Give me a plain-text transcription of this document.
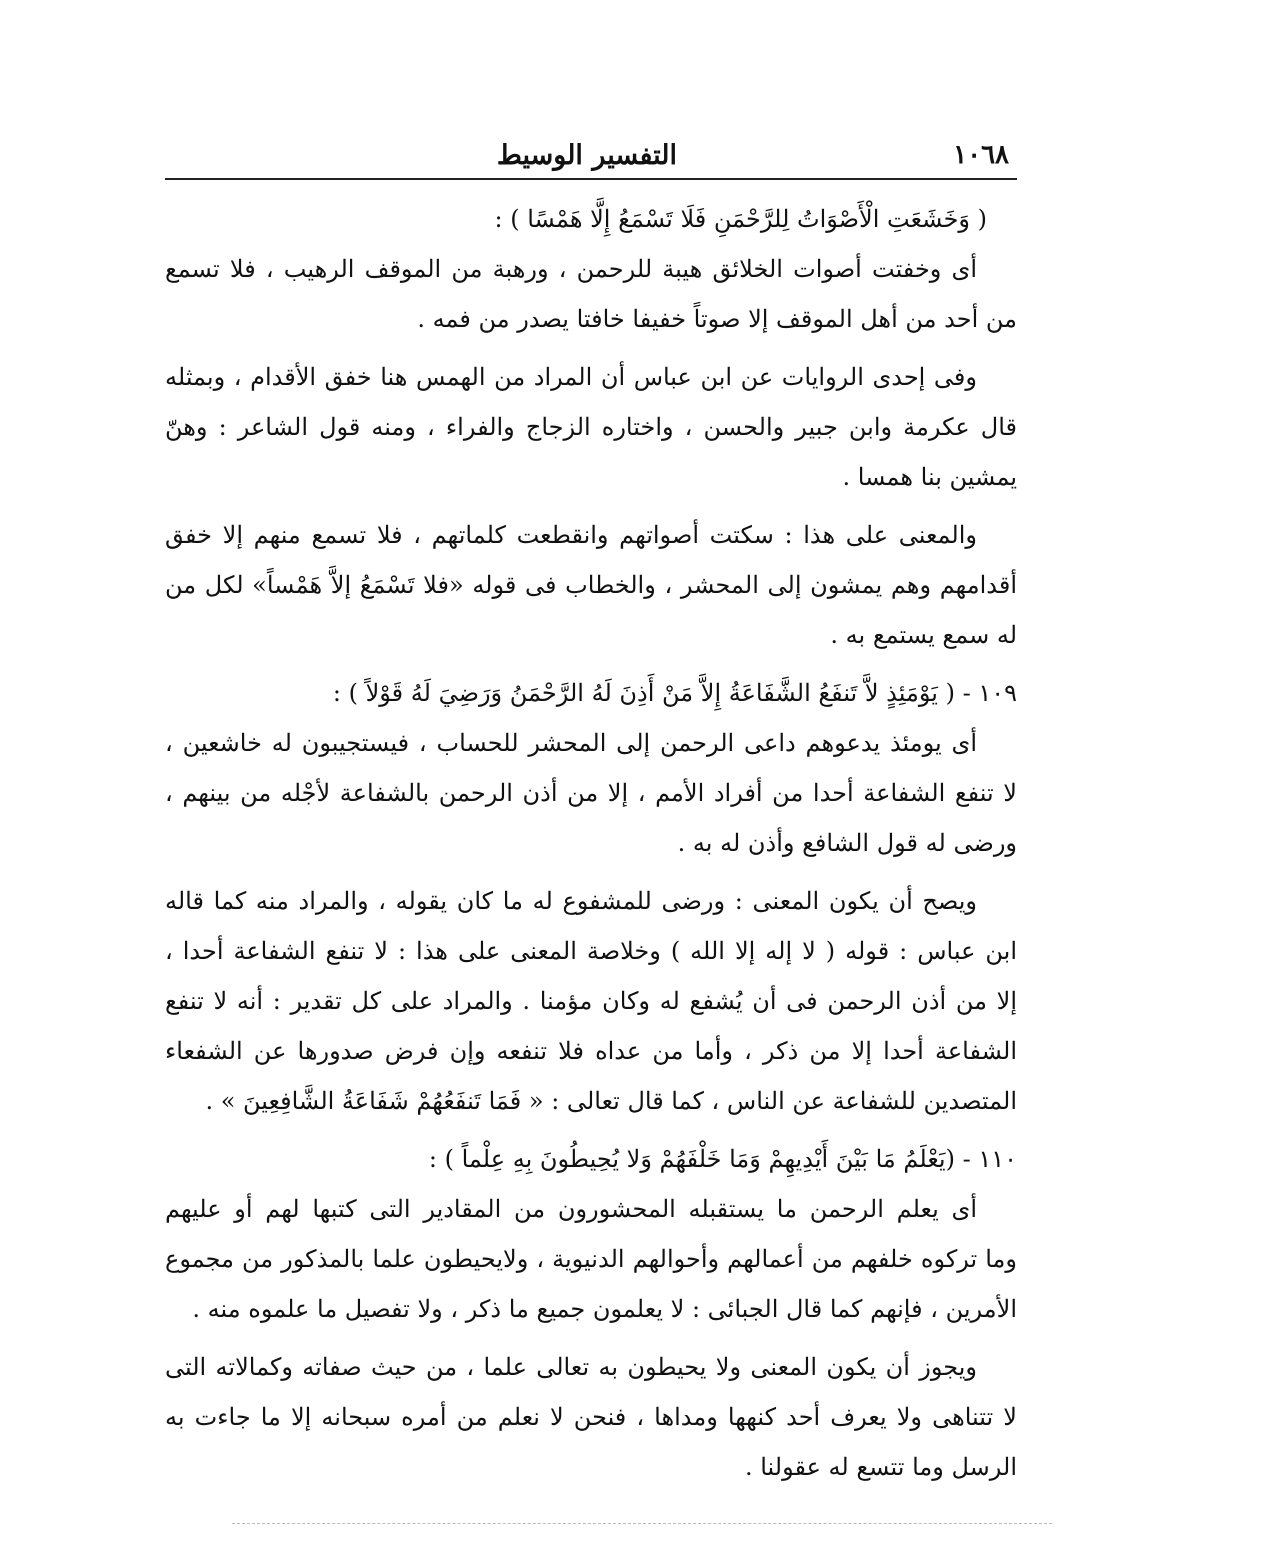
١٠٦٨
التفسير الوسيط
( وَخَشَعَتِ الْأَصْوَاتُ لِلرَّحْمَنِ فَلَا تَسْمَعُ إِلَّا هَمْسًا ) :
أى وخفتت أصوات الخلائق هيبة للرحمن ، ورهبة من الموقف الرهيب ، فلا تسمع
من أحد من أهل الموقف إلا صوتاً خفيفا خافتا يصدر من فمه .
وفى إحدى الروايات عن ابن عباس أن المراد من الهمس هنا خفق الأقدام ، وبمثله
قال عكرمة وابن جبير والحسن ، واختاره الزجاج والفراء ، ومنه قول الشاعر : وهنّ
يمشين بنا همسا .
والمعنى على هذا : سكتت أصواتهم وانقطعت كلماتهم ، فلا تسمع منهم إلا خفق
أقدامهم وهم يمشون إلى المحشر ، والخطاب فى قوله «فلا تَسْمَعُ إلاَّ هَمْساً» لكل من
له سمع يستمع به .
١٠٩ - ( يَوْمَئِذٍ لاَّ تَنفَعُ الشَّفَاعَةُ إِلاَّ مَنْ أَذِنَ لَهُ الرَّحْمَنُ وَرَضِيَ لَهُ قَوْلاً ) :
أى يومئذ يدعوهم داعى الرحمن إلى المحشر للحساب ، فيستجيبون له خاشعين ،
لا تنفع الشفاعة أحدا من أفراد الأمم ، إلا من أذن الرحمن بالشفاعة لأجْله من بينهم ،
ورضى له قول الشافع وأذن له به .
ويصح أن يكون المعنى : ورضى للمشفوع له ما كان يقوله ، والمراد منه كما قاله
ابن عباس : قوله ( لا إله إلا الله ) وخلاصة المعنى على هذا : لا تنفع الشفاعة أحدا ،
إلا من أذن الرحمن فى أن يُشفع له وكان مؤمنا . والمراد على كل تقدير : أنه لا تنفع
الشفاعة أحدا إلا من ذكر ، وأما من عداه فلا تنفعه وإن فرض صدورها عن الشفعاء
المتصدين للشفاعة عن الناس ، كما قال تعالى : « فَمَا تَنفَعُهُمْ شَفَاعَةُ الشَّافِعِينَ » .
١١٠ - (يَعْلَمُ مَا بَيْنَ أَيْدِيهِمْ وَمَا خَلْفَهُمْ وَلا يُحِيطُونَ بِهِ عِلْماً ) :
أى يعلم الرحمن ما يستقبله المحشورون من المقادير التى كتبها لهم أو عليهم
وما تركوه خلفهم من أعمالهم وأحوالهم الدنيوية ، ولايحيطون علما بالمذكور من مجموع
الأمرين ، فإنهم كما قال الجبائى : لا يعلمون جميع ما ذكر ، ولا تفصيل ما علموه منه .
ويجوز أن يكون المعنى ولا يحيطون به تعالى علما ، من حيث صفاته وكمالاته التى
لا تتناهى ولا يعرف أحد كنهها ومداها ، فنحن لا نعلم من أمره سبحانه إلا ما جاءت به
الرسل وما تتسع له عقولنا .
